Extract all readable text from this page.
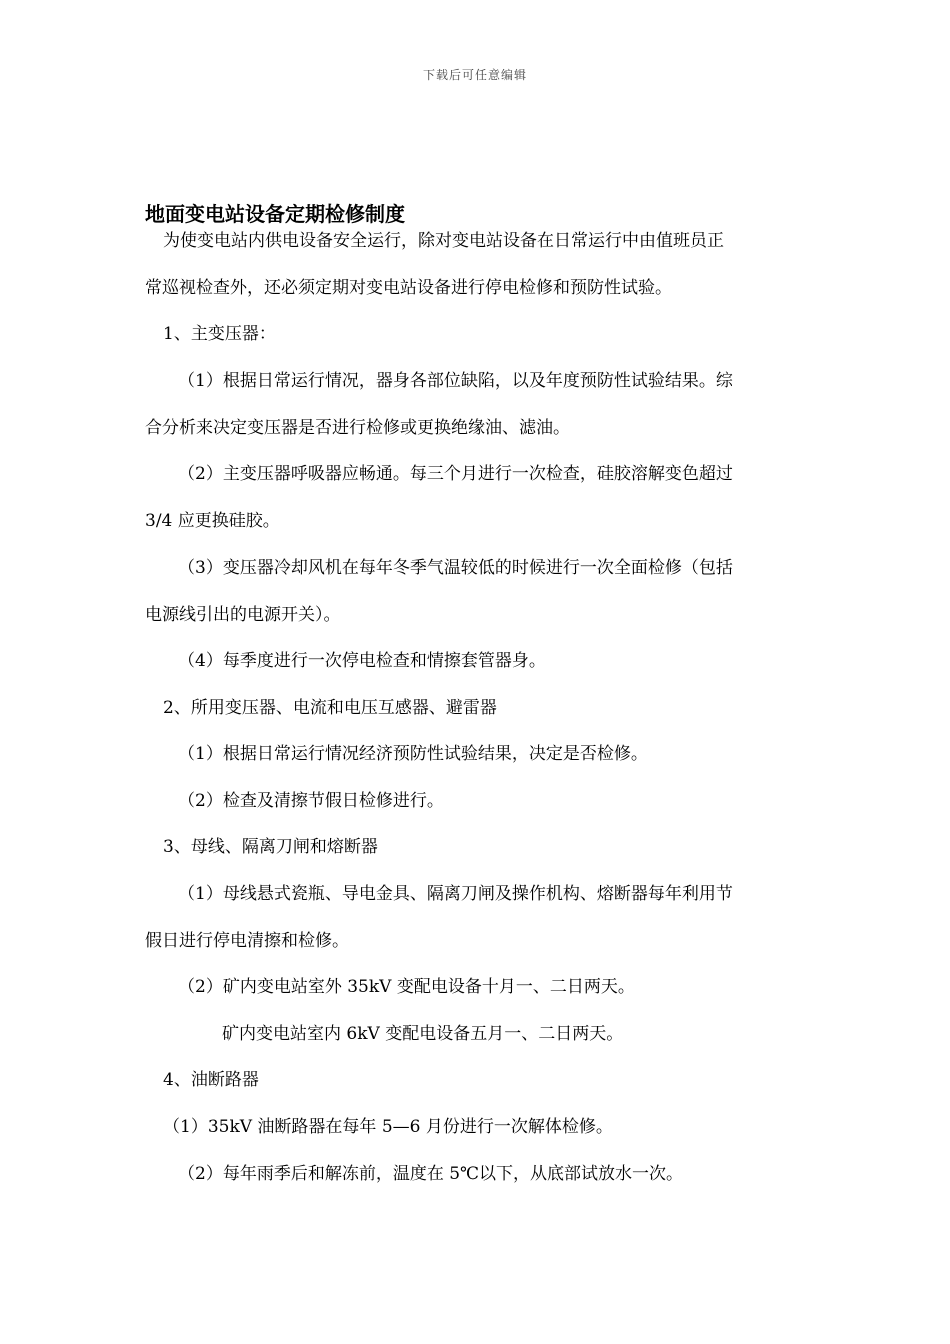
下载后可任意编辑
地面变电站设备定期检修制度
为使变电站内供电设备安全运行，除对变电站设备在日常运行中由值班员正
常巡视检查外，还必须定期对变电站设备进行停电检修和预防性试验。
1、主变压器：
（1）根据日常运行情况，器身各部位缺陷，以及年度预防性试验结果。综
合分析来决定变压器是否进行检修或更换绝缘油、滤油。
（2）主变压器呼吸器应畅通。每三个月进行一次检查，硅胶溶解变色超过
3/4 应更换硅胶。
（3）变压器冷却风机在每年冬季气温较低的时候进行一次全面检修（包括
电源线引出的电源开关）。
（4）每季度进行一次停电检查和情擦套管器身。
2、所用变压器、电流和电压互感器、避雷器
（1）根据日常运行情况经济预防性试验结果，决定是否检修。
（2）检查及清擦节假日检修进行。
3、母线、隔离刀闸和熔断器
（1）母线悬式瓷瓶、导电金具、隔离刀闸及操作机构、熔断器每年利用节
假日进行停电清擦和检修。
（2）矿内变电站室外 35kV 变配电设备十月一、二日两天。
矿内变电站室内 6kV 变配电设备五月一、二日两天。
4、油断路器
（1）35kV 油断路器在每年 5—6 月份进行一次解体检修。
（2）每年雨季后和解冻前，温度在 5℃以下，从底部试放水一次。
